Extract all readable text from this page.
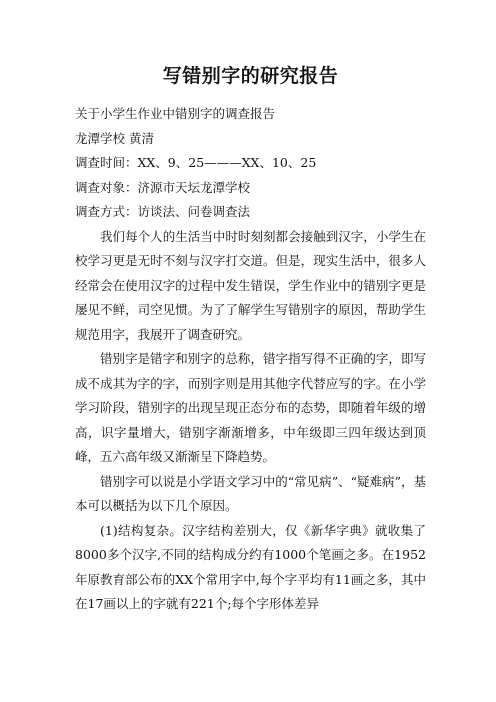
写错别字的研究报告

关于小学生作业中错别字的调查报告

龙潭学校 黄清

调查时间：XX、9、25———XX、10、25

调查对象：济源市天坛龙潭学校

调查方式：访谈法、问卷调查法

我们每个人的生活当中时时刻刻都会接触到汉字，小学生在校学习更是无时不刻与汉字打交道。但是，现实生活中，很多人经常会在使用汉字的过程中发生错误，学生作业中的错别字更是屡见不鲜，司空见惯。为了了解学生写错别字的原因，帮助学生规范用字，我展开了调查研究。

错别字是错字和别字的总称，错字指写得不正确的字，即写成不成其为字的字，而别字则是用其他字代替应写的字。在小学学习阶段，错别字的出现呈现正态分布的态势，即随着年级的增高，识字量增大，错别字渐渐增多，中年级即三四年级达到顶峰，五六高年级又渐渐呈下降趋势。

错别字可以说是小学语文学习中的“常见病”、“疑难病”，基本可以概括为以下几个原因。

(1)结构复杂。汉字结构差别大，仅《新华字典》就收集了8000多个汉字,不同的结构成分约有1000个笔画之多。在1952年原教育部公布的XX个常用字中,每个字平均有11画之多，其中在17画以上的字就有221个;每个字形体差异
